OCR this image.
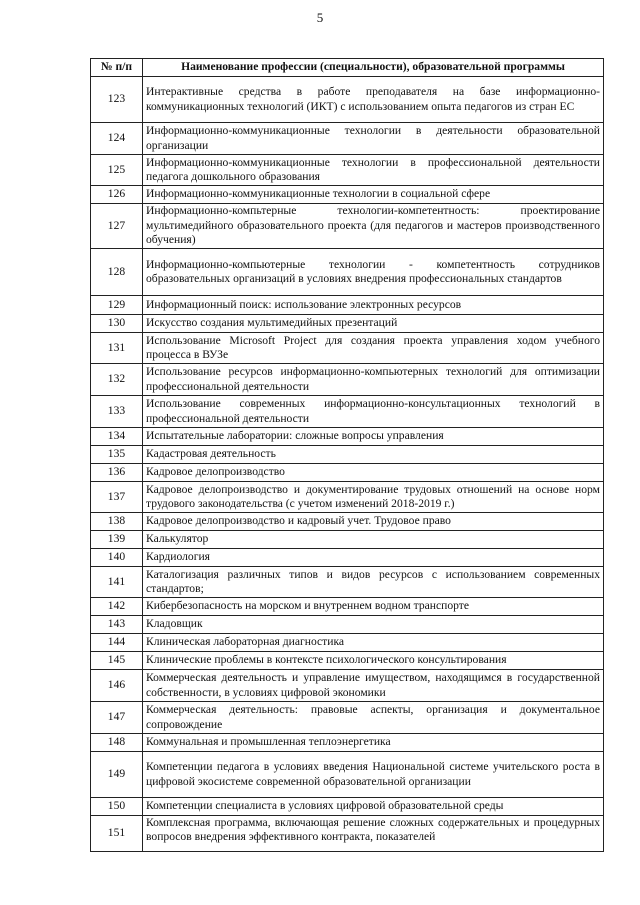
5
№ п/п	Наименование профессии (специальности), образовательной программы
123	Интерактивные средства в работе преподавателя на базе информационно-коммуникационных технологий (ИКТ) с использованием опыта педагогов из стран ЕС
124	Информационно-коммуникационные технологии в деятельности образовательной организации
125	Информационно-коммуникационные технологии в профессиональной деятельности педагога дошкольного образования
126	Информационно-коммуникационные технологии в социальной сфере
127	Информационно-компьтерные технологии-компетентность: проектирование мультимедийного образовательного проекта (для педагогов и мастеров производственного обучения)
128	Информационно-компьютерные технологии - компетентность сотрудников образовательных организаций в условиях внедрения профессиональных стандартов
129	Информационный поиск: использование электронных ресурсов
130	Искусство создания мультимедийных презентаций
131	Использование Microsoft Project для создания проекта управления ходом учебного процесса в ВУЗе
132	Использование ресурсов информационно-компьютерных технологий для оптимизации профессиональной деятельности
133	Использование современных информационно-консультационных технологий в профессиональной деятельности
134	Испытательные лаборатории: сложные вопросы управления
135	Кадастровая деятельность
136	Кадровое делопроизводство
137	Кадровое делопроизводство и документирование трудовых отношений на основе норм трудового законодательства (с учетом изменений 2018-2019 г.)
138	Кадровое делопроизводство и кадровый учет. Трудовое право
139	Калькулятор
140	Кардиология
141	Каталогизация различных типов и видов ресурсов с использованием современных стандартов;
142	Кибербезопасность на морском и внутреннем водном транспорте
143	Кладовщик
144	Клиническая лабораторная диагностика
145	Клинические проблемы в контексте психологического консультирования
146	Коммерческая деятельность и управление имуществом, находящимся в государственной собственности, в условиях цифровой экономики
147	Коммерческая деятельность: правовые аспекты, организация и документальное сопровождение
148	Коммунальная и промышленная теплоэнергетика
149	Компетенции педагога в условиях введения Национальной системе учительского роста в цифровой экосистеме современной образовательной организации
150	Компетенции специалиста в условиях цифровой образовательной среды
151	Комплексная программа, включающая решение сложных содержательных и процедурных вопросов внедрения эффективного контракта, показателей
